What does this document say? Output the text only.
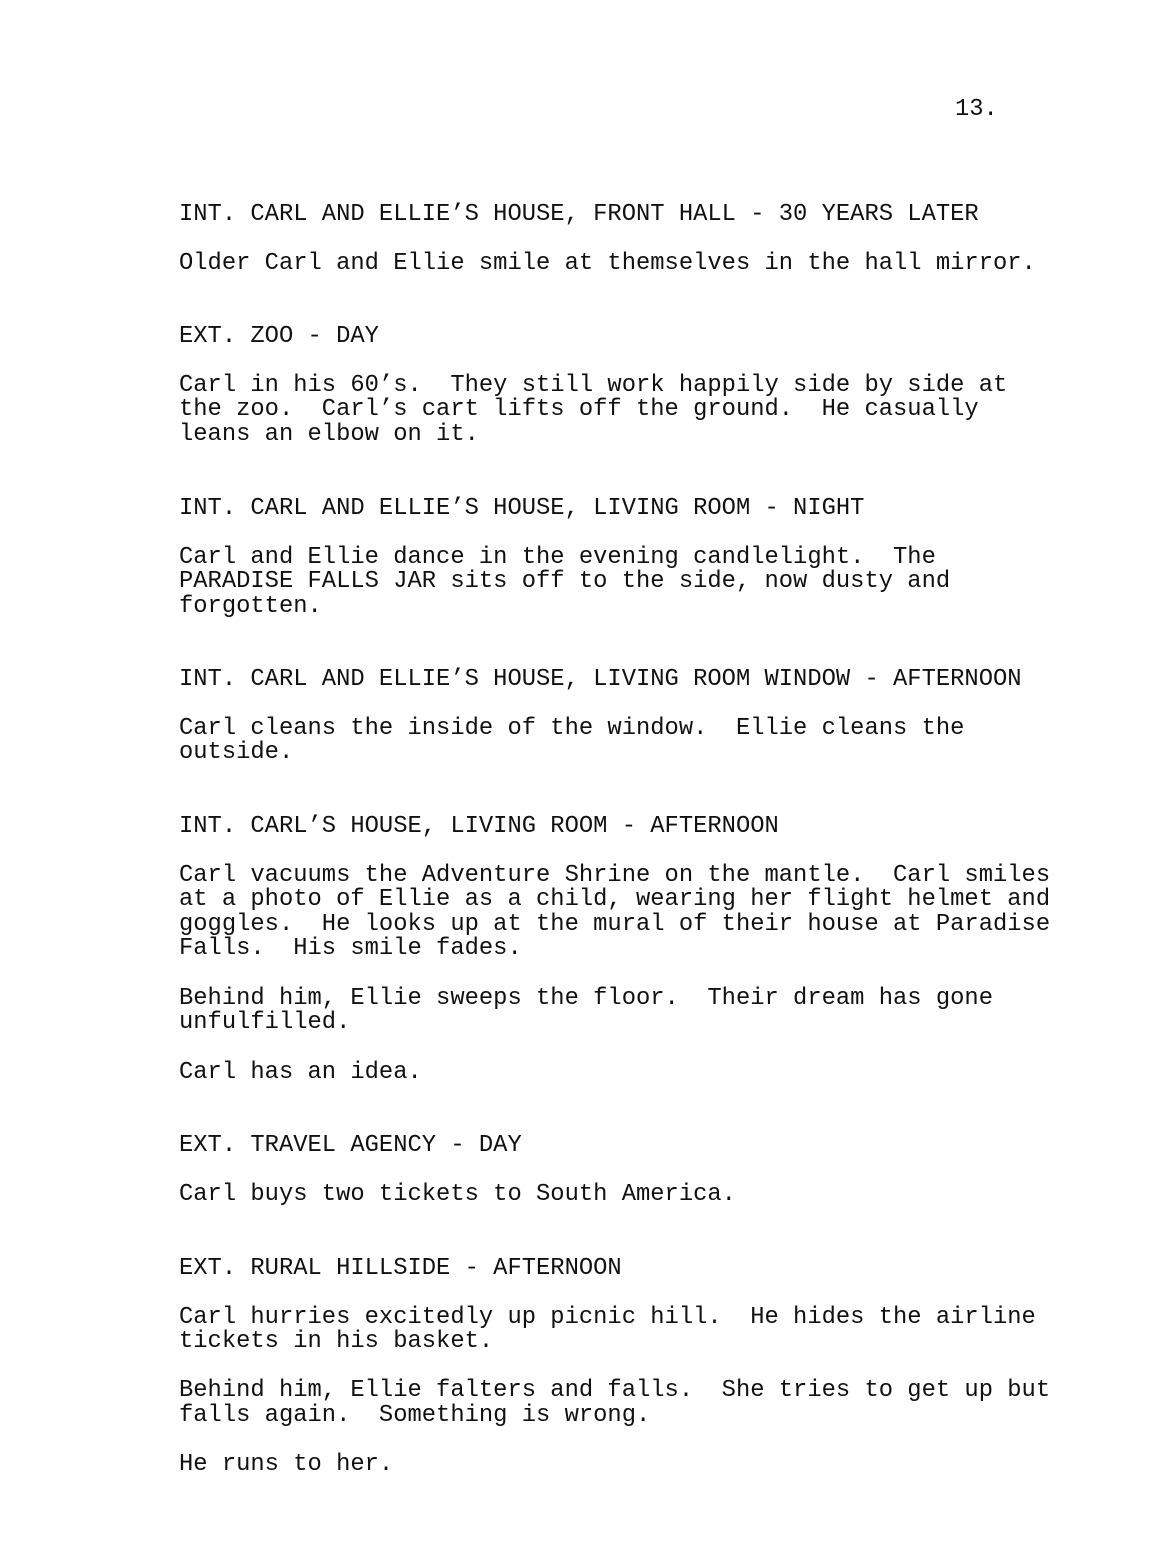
13.
INT. CARL AND ELLIE’S HOUSE, FRONT HALL - 30 YEARS LATER
Older Carl and Ellie smile at themselves in the hall mirror.
EXT. ZOO - DAY
Carl in his 60’s.  They still work happily side by side at
the zoo.  Carl’s cart lifts off the ground.  He casually
leans an elbow on it.
INT. CARL AND ELLIE’S HOUSE, LIVING ROOM - NIGHT
Carl and Ellie dance in the evening candlelight.  The
PARADISE FALLS JAR sits off to the side, now dusty and
forgotten.
INT. CARL AND ELLIE’S HOUSE, LIVING ROOM WINDOW - AFTERNOON
Carl cleans the inside of the window.  Ellie cleans the
outside.
INT. CARL’S HOUSE, LIVING ROOM - AFTERNOON
Carl vacuums the Adventure Shrine on the mantle.  Carl smiles
at a photo of Ellie as a child, wearing her flight helmet and
goggles.  He looks up at the mural of their house at Paradise
Falls.  His smile fades.
Behind him, Ellie sweeps the floor.  Their dream has gone
unfulfilled.
Carl has an idea.
EXT. TRAVEL AGENCY - DAY
Carl buys two tickets to South America.
EXT. RURAL HILLSIDE - AFTERNOON
Carl hurries excitedly up picnic hill.  He hides the airline
tickets in his basket.
Behind him, Ellie falters and falls.  She tries to get up but
falls again.  Something is wrong.
He runs to her.
